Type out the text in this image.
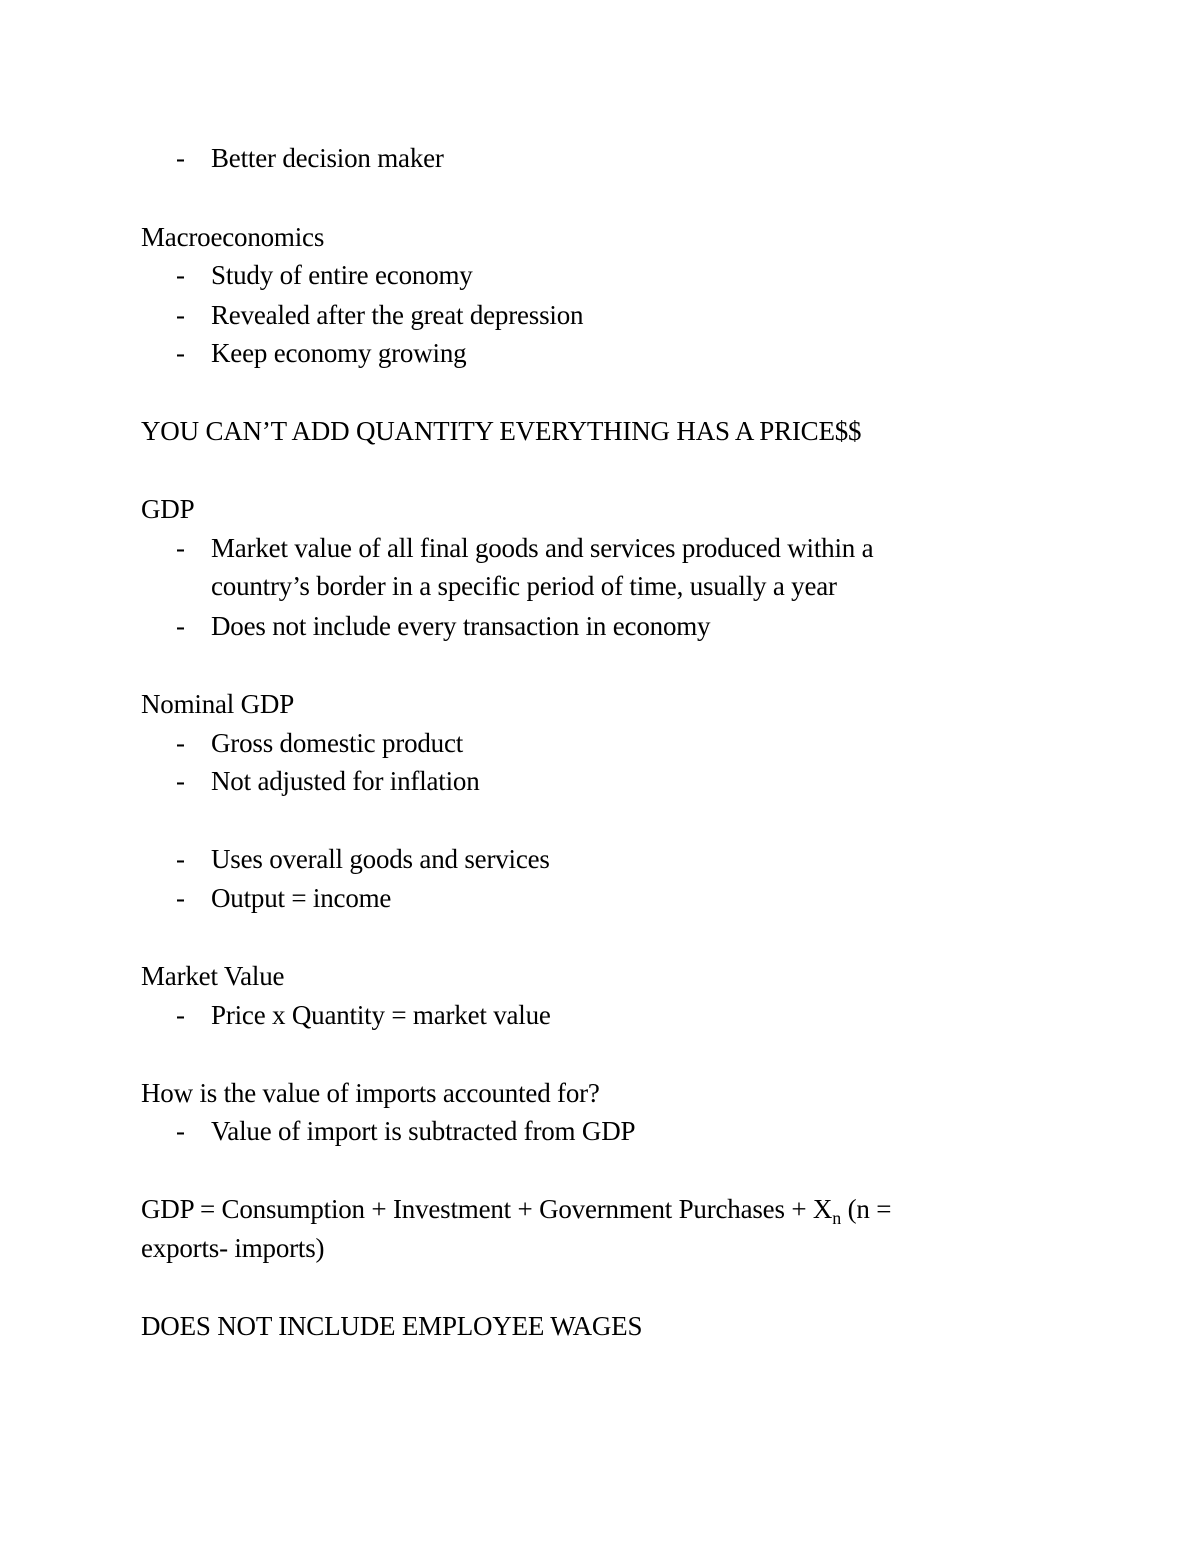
- Better decision maker
Macroeconomics
- Study of entire economy
- Revealed after the great depression
- Keep economy growing
YOU CAN’T ADD QUANTITY EVERYTHING HAS A PRICE$$
GDP
- Market value of all final goods and services produced within a
country’s border in a specific period of time, usually a year
- Does not include every transaction in economy
Nominal GDP
- Gross domestic product
- Not adjusted for inflation
- Uses overall goods and services
- Output = income
Market Value
- Price x Quantity = market value
How is the value of imports accounted for?
- Value of import is subtracted from GDP
GDP = Consumption + Investment + Government Purchases + $X_n$ (n =
exports- imports)
DOES NOT INCLUDE EMPLOYEE WAGES
